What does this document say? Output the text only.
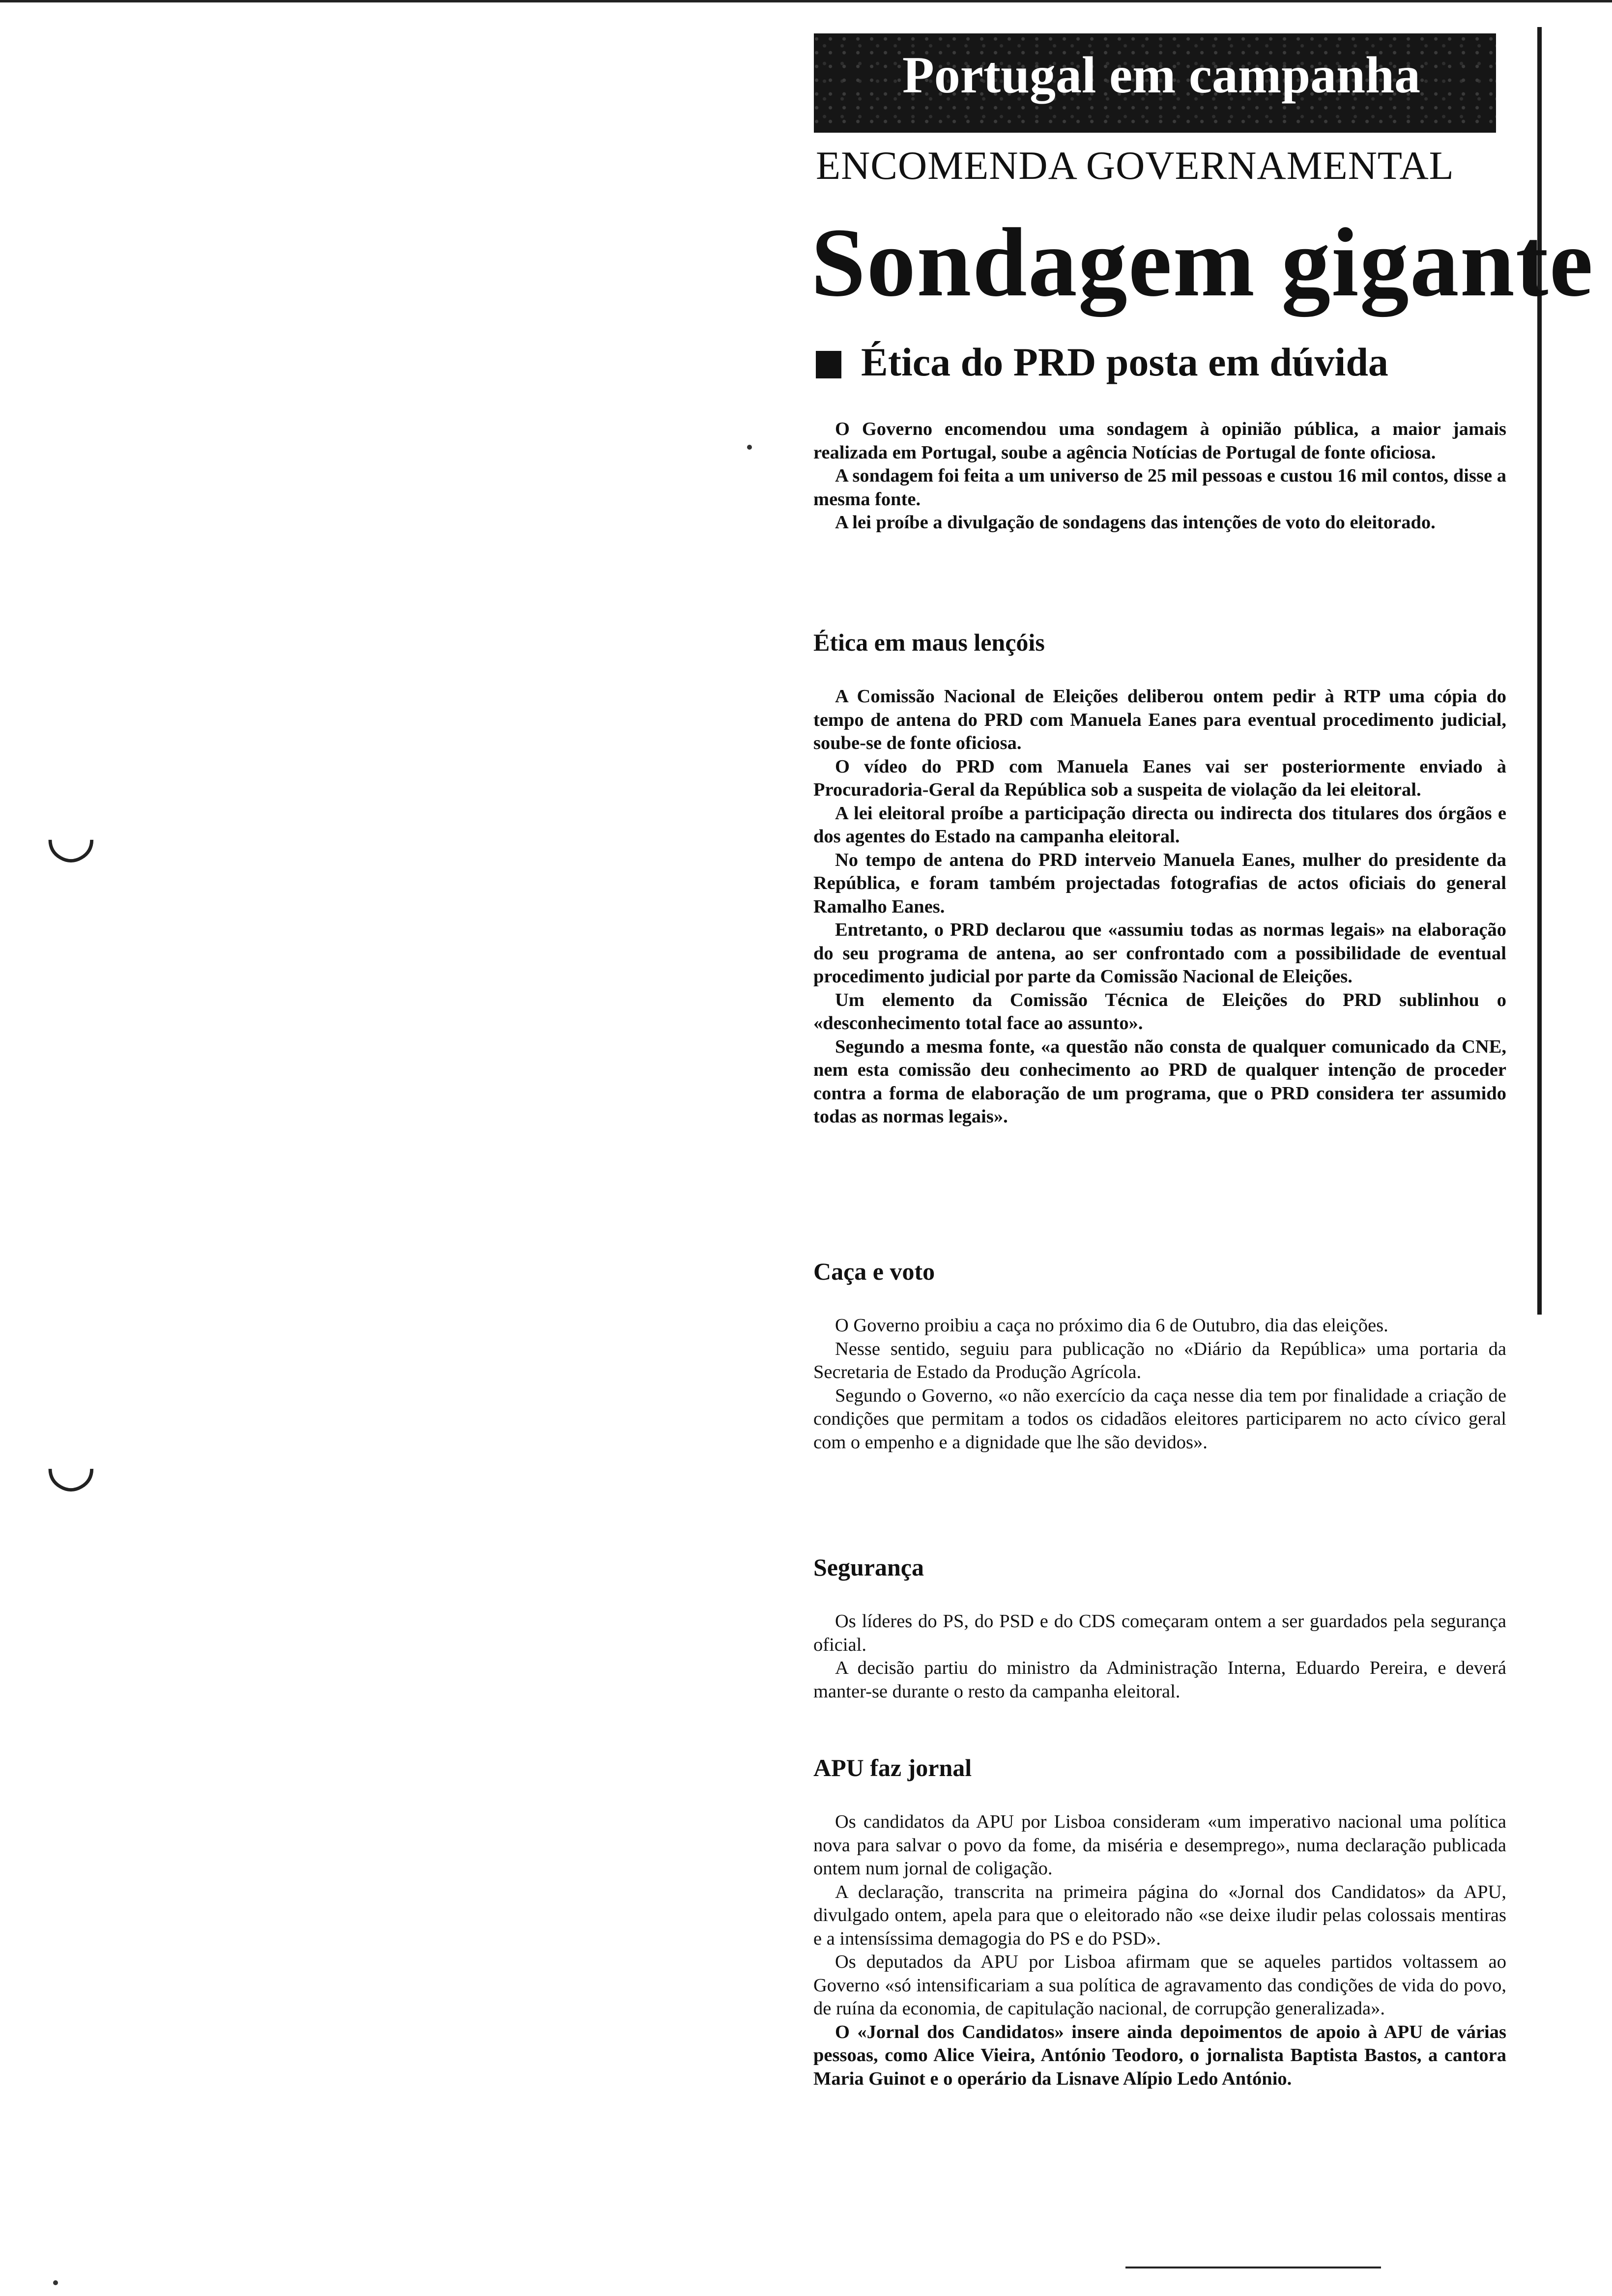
◡
◡
Portugal em campanha
ENCOMENDA GOVERNAMENTAL
Sondagem gigante
Ética do PRD posta em dúvida

O Governo encomendou uma sondagem à opinião pública, a maior jamais realizada em Portugal, soube a agência Notícias de Portugal de fonte oficiosa.

A sondagem foi feita a um universo de 25 mil pessoas e custou 16 mil contos, disse a mesma fonte.

A lei proíbe a divulgação de sondagens das intenções de voto do eleitorado.

Ética em maus lençóis

A Comissão Nacional de Eleições deliberou ontem pedir à RTP uma cópia do tempo de antena do PRD com Manuela Eanes para eventual procedimento judicial, soube-se de fonte oficiosa.

O vídeo do PRD com Manuela Eanes vai ser posteriormente enviado à Procuradoria-Geral da República sob a suspeita de violação da lei eleitoral.

A lei eleitoral proíbe a participação directa ou indirecta dos titulares dos órgãos e dos agentes do Estado na campanha eleitoral.

No tempo de antena do PRD interveio Manuela Eanes, mulher do presidente da República, e foram também projectadas fotografias de actos oficiais do general Ramalho Eanes.

Entretanto, o PRD declarou que «assumiu todas as normas legais» na elaboração do seu programa de antena, ao ser confrontado com a possibilidade de eventual procedimento judicial por parte da Comissão Nacional de Eleições.

Um elemento da Comissão Técnica de Eleições do PRD sublinhou o «desconhecimento total face ao assunto».

Segundo a mesma fonte, «a questão não consta de qualquer comunicado da CNE, nem esta comissão deu conhecimento ao PRD de qualquer intenção de proceder contra a forma de elaboração de um programa, que o PRD considera ter assumido todas as normas legais».

Caça e voto

O Governo proibiu a caça no próximo dia 6 de Outubro, dia das eleições.

Nesse sentido, seguiu para publicação no «Diário da República» uma portaria da Secretaria de Estado da Produção Agrícola.

Segundo o Governo, «o não exercício da caça nesse dia tem por finalidade a criação de condições que permitam a todos os cidadãos eleitores participarem no acto cívico geral com o empenho e a dignidade que lhe são devidos».

Segurança

Os líderes do PS, do PSD e do CDS começaram ontem a ser guardados pela segurança oficial.

A decisão partiu do ministro da Administração Interna, Eduardo Pereira, e deverá manter-se durante o resto da campanha eleitoral.

APU faz jornal

Os candidatos da APU por Lisboa consideram «um imperativo nacional uma política nova para salvar o povo da fome, da miséria e desemprego», numa declaração publicada ontem num jornal de coligação.

A declaração, transcrita na primeira página do «Jornal dos Candidatos» da APU, divulgado ontem, apela para que o eleitorado não «se deixe iludir pelas colossais mentiras e a intensíssima demagogia do PS e do PSD».

Os deputados da APU por Lisboa afirmam que se aqueles partidos voltassem ao Governo «só intensificariam a sua política de agravamento das condições de vida do povo, de ruína da economia, de capitulação nacional, de corrupção generalizada».

O «Jornal dos Candidatos» insere ainda depoimentos de apoio à APU de várias pessoas, como Alice Vieira, António Teodoro, o jornalista Baptista Bastos, a cantora Maria Guinot e o operário da Lisnave Alípio Ledo António.
